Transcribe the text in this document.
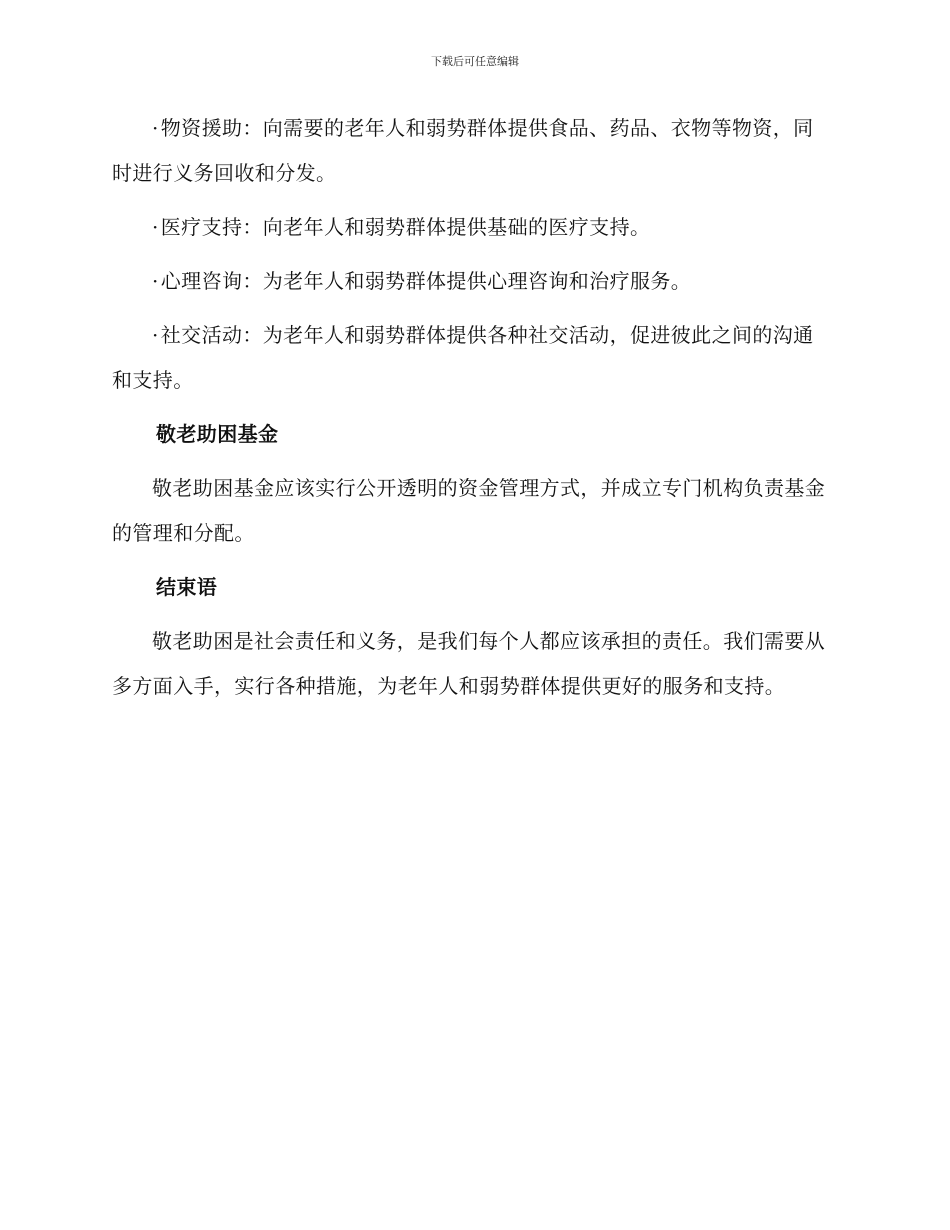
下载后可任意编辑

· 物资援助：向需要的老年人和弱势群体提供食品、药品、衣物等物资，同时进行义务回收和分发。

· 医疗支持：向老年人和弱势群体提供基础的医疗支持。

· 心理咨询：为老年人和弱势群体提供心理咨询和治疗服务。

· 社交活动：为老年人和弱势群体提供各种社交活动，促进彼此之间的沟通和支持。

敬老助困基金

敬老助困基金应该实行公开透明的资金管理方式，并成立专门机构负责基金的管理和分配。

结束语

敬老助困是社会责任和义务，是我们每个人都应该承担的责任。我们需要从多方面入手，实行各种措施，为老年人和弱势群体提供更好的服务和支持。
